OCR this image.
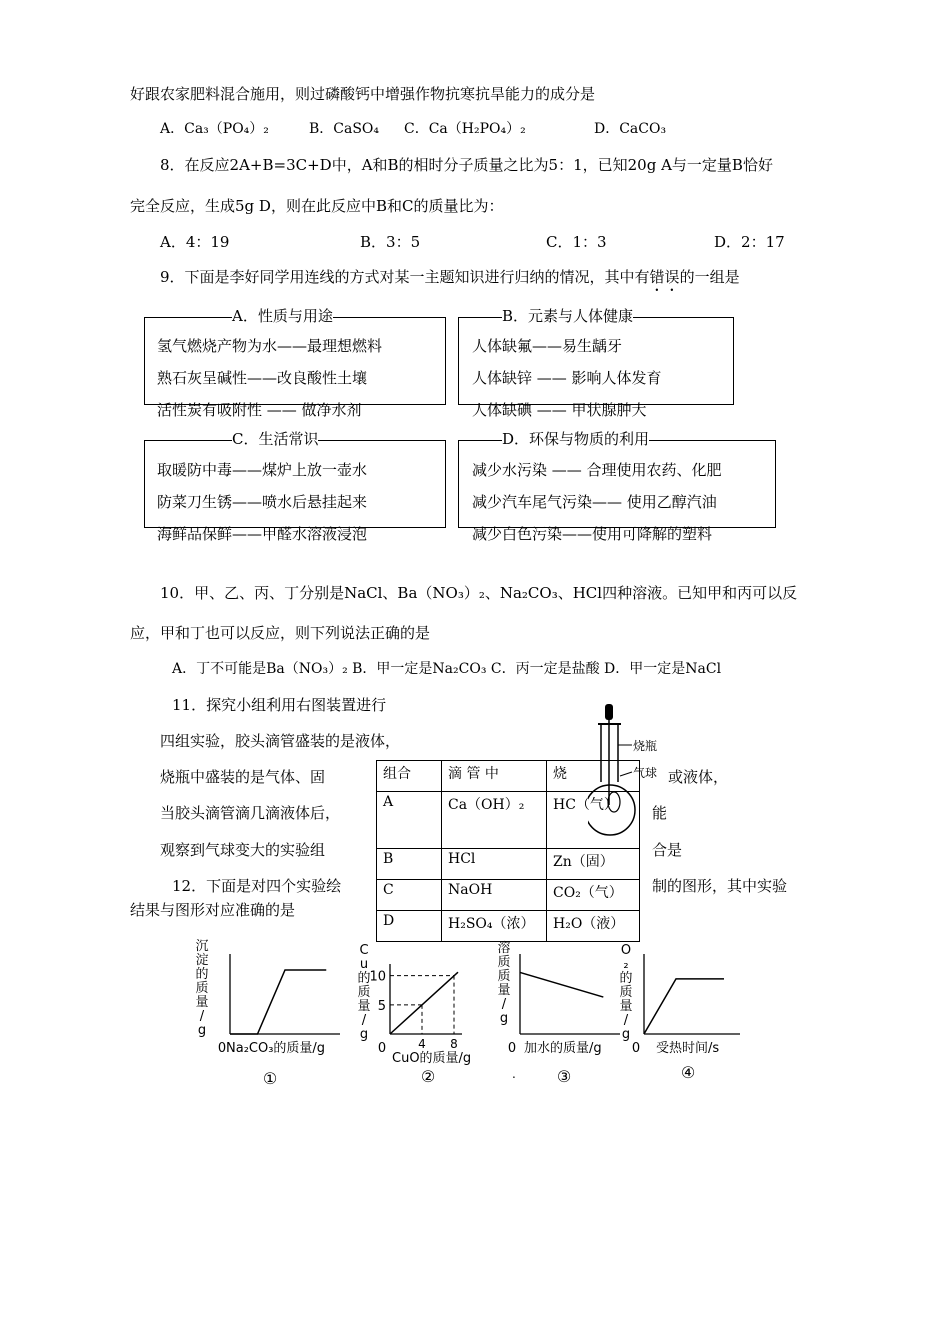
好跟农家肥料混合施用，则过磷酸钙中增强作物抗寒抗旱能力的成分是
A．Ca₃（PO₄）₂	B．CaSO₄ C．Ca（H₂PO₄）₂	D．CaCO₃
8．在反应2A+B=3C+D中，A和B的相时分子质量之比为5：1，已知20g A与一定量B恰好
完全反应，生成5g D，则在此反应中B和C的质量比为：
A．4：19	B．3：5	C．1：3	D．2：17
9．下面是李好同学用连线的方式对某一主题知识进行归纳的情况，其中有错误的一组是
A．性质与用途
氢气燃烧产物为水——最理想燃料
熟石灰呈碱性——改良酸性土壤
活性炭有吸附性 —— 做净水剂
B．元素与人体健康
人体缺氟——易生龋牙
人体缺锌 —— 影响人体发育
人体缺碘 —— 甲状腺肿大
C．生活常识
取暖防中毒——煤炉上放一壶水
防菜刀生锈——喷水后悬挂起来
海鲜品保鲜——甲醛水溶液浸泡
D．环保与物质的利用
减少水污染 —— 合理使用农药、化肥
减少汽车尾气污染—— 使用乙醇汽油
减少白色污染——使用可降解的塑料
10．甲、乙、丙、丁分别是NaCl、Ba（NO₃）₂、Na₂CO₃、HCl四种溶液。已知甲和丙可以反
应，甲和丁也可以反应，则下列说法正确的是
A．丁不可能是Ba（NO₃）₂ B．甲一定是Na₂CO₃ C．丙一定是盐酸 D．甲一定是NaCl
11．探究小组利用右图装置进行
四组实验，胶头滴管盛装的是液体，
烧瓶中盛装的是气体、固	或液体，
当胶头滴管滴几滴液体后，	能
观察到气球变大的实验组	合是
组合	滴 管 中	烧
A	Ca（OH）₂	HC（气）
B	HCl	Zn（固）
C	NaOH	CO₂（气）
D	H₂SO₄（浓）	H₂O（液）
烧瓶
气球
12．下面是对四个实验绘	制的图形，其中实验
结果与图形对应准确的是
沉
淀
的
质
量
/
g
0 Na₂CO₃的质量/g
①
C
u
的
质
量
/
g
0
CuO的质量/g
②
5
10
4 8
溶
质
质
量
/
g
0 加水的质量/g
③
O
₂
的
质
量
/
g
0 受热时间/s
④
.
